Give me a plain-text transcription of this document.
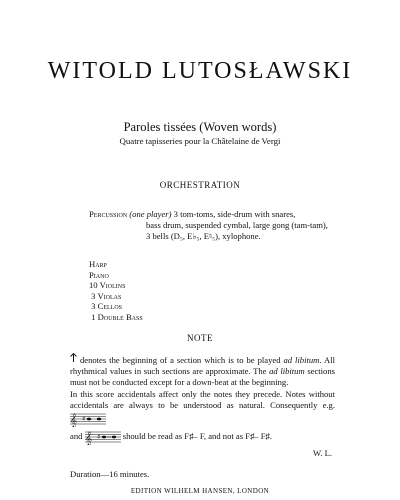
WITOLD LUTOSŁAWSKI
Paroles tissées (Woven words)
Quatre tapisseries pour la Châtelaine de Vergi
ORCHESTRATION
Percussion (one player) 3 tom-toms, side-drum with snares,
bass drum, suspended cymbal, large gong (tam-tam),
3 bells (D₅, E♭₅, E♮₅), xylophone.
Harp
Piano
10 Violins
3 Violas
3 Cellos
1 Double Bass
NOTE
denotes the beginning of a section which is to be played ad libitum. All rhythmical values in such sections are approximate. The ad libitum sections must not be conducted except for a down-beat at the beginning.
In this score accidentals affect only the notes they precede. Notes without accidentals are always to be understood as natural. Consequently e.g.
𝄞 ♯
and 𝄞 ♯	should be read as F♯– F, and not as F♯– F♯.
W. L.
Duration—16 minutes.
EDITION WILHELM HANSEN, LONDON
